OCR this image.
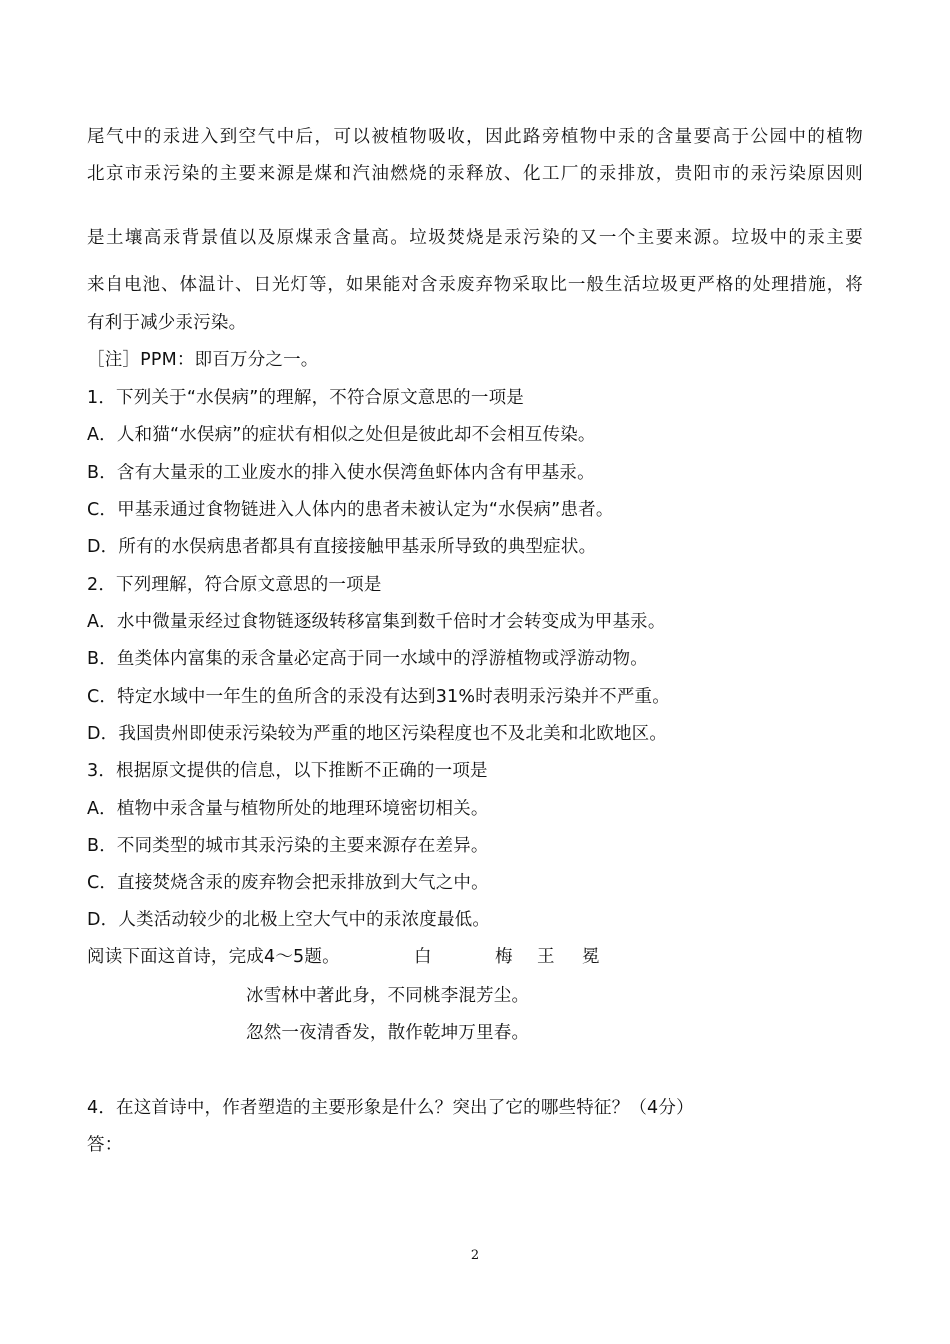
尾气中的汞进入到空气中后，可以被植物吸收，因此路旁植物中汞的含量要高于公园中的植物
北京市汞污染的主要来源是煤和汽油燃烧的汞释放、化工厂的汞排放，贵阳市的汞污染原因则
是土壤高汞背景值以及原煤汞含量高。垃圾焚烧是汞污染的又一个主要来源。垃圾中的汞主要
来自电池、体温计、日光灯等，如果能对含汞废弃物采取比一般生活垃圾更严格的处理措施，将
有利于减少汞污染。
［注］PPM：即百万分之一。
1．下列关于“水俣病”的理解，不符合原文意思的一项是
A．人和猫“水俣病”的症状有相似之处但是彼此却不会相互传染。
B．含有大量汞的工业废水的排入使水俣湾鱼虾体内含有甲基汞。
C．甲基汞通过食物链进入人体内的患者未被认定为“水俣病”患者。
D．所有的水俣病患者都具有直接接触甲基汞所导致的典型症状。
2．下列理解，符合原文意思的一项是
A．水中微量汞经过食物链逐级转移富集到数千倍时才会转变成为甲基汞。
B．鱼类体内富集的汞含量必定高于同一水域中的浮游植物或浮游动物。
C．特定水域中一年生的鱼所含的汞没有达到31%时表明汞污染并不严重。
D．我国贵州即使汞污染较为严重的地区污染程度也不及北美和北欧地区。
3．根据原文提供的信息，以下推断不正确的一项是
A．植物中汞含量与植物所处的地理环境密切相关。
B．不同类型的城市其汞污染的主要来源存在差异。
C．直接焚烧含汞的废弃物会把汞排放到大气之中。
D．人类活动较少的北极上空大气中的汞浓度最低。
阅读下面这首诗，完成4～5题。	白	梅 王 冕
冰雪林中著此身，不同桃李混芳尘。
忽然一夜清香发，散作乾坤万里春。
4．在这首诗中，作者塑造的主要形象是什么？突出了它的哪些特征？（4分）
答：
2
